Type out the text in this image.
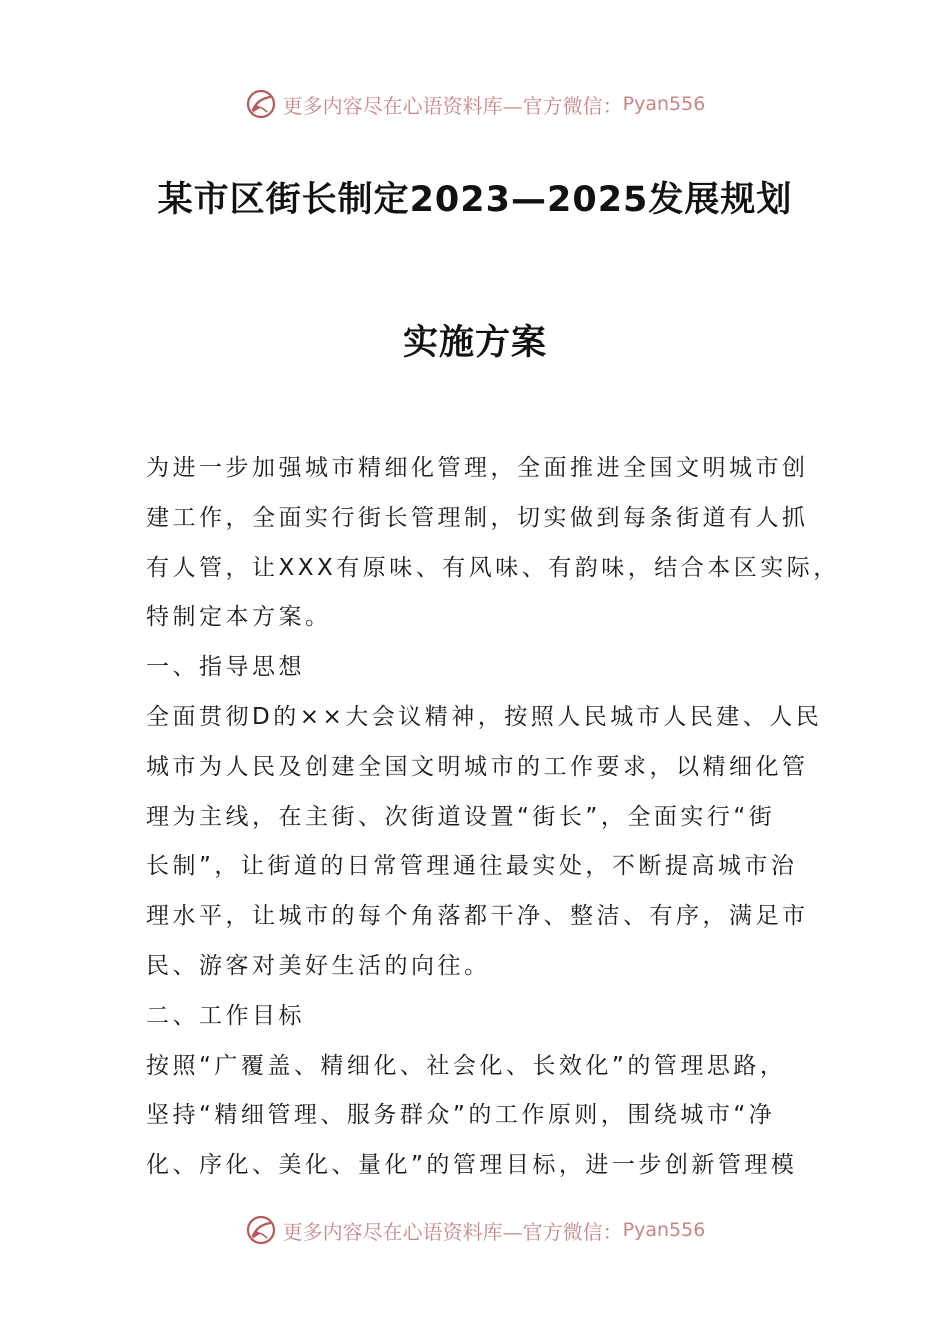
更多内容尽在心语资料库—官方微信： Pyan556
某市区街长制定2023—2025发展规划
实施方案
为进一步加强城市精细化管理，全面推进全国文明城市创
建工作，全面实行街长管理制，切实做到每条街道有人抓
有人管，让XXX有原味、有风味、有韵味，结合本区实际，
特制定本方案。
一、指导思想
全面贯彻D的××大会议精神，按照人民城市人民建、人民
城市为人民及创建全国文明城市的工作要求，以精细化管
理为主线，在主街、次街道设置“街长”，全面实行“街
长制”，让街道的日常管理通往最实处，不断提高城市治
理水平，让城市的每个角落都干净、整洁、有序，满足市
民、游客对美好生活的向往。
二、工作目标
按照“广覆盖、精细化、社会化、长效化”的管理思路，
坚持“精细管理、服务群众”的工作原则，围绕城市“净
化、序化、美化、量化”的管理目标，进一步创新管理模
更多内容尽在心语资料库—官方微信： Pyan556
